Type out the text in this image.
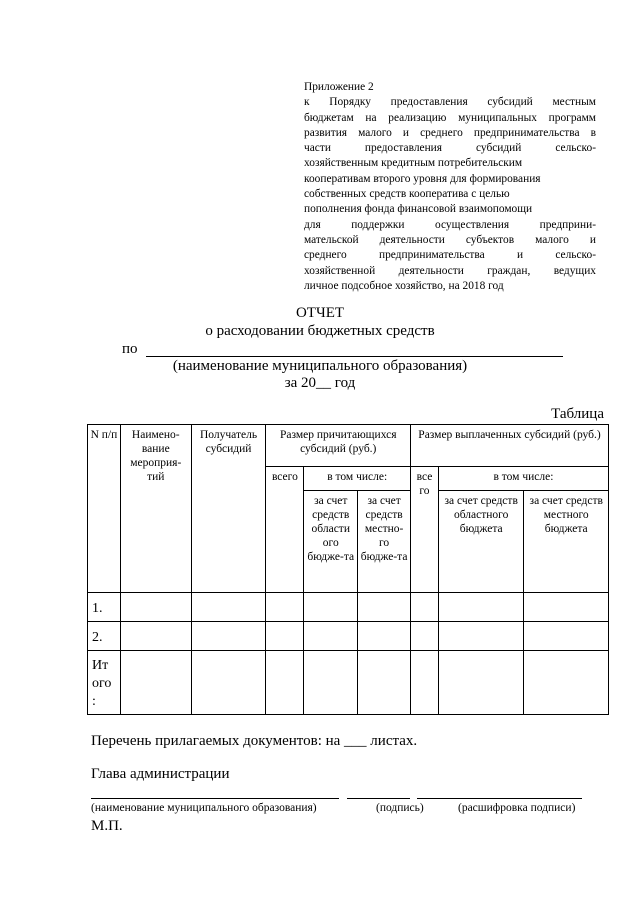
Приложение 2
к Порядку предоставления субсидий местным
бюджетам на реализацию муниципальных программ
развития малого и среднего предпринимательства в
части предоставления субсидий сельско-
хозяйственным кредитным потребительским
кооперативам второго уровня для формирования
собственных средств кооператива с целью
пополнения фонда финансовой взаимопомощи
для поддержки осуществления предприни-
мательской деятельности субъектов малого и
среднего предпринимательства и сельско-
хозяйственной деятельности граждан, ведущих
личное подсобное хозяйство, на 2018 год
ОТЧЕТ
о расходовании бюджетных средств
по
(наименование муниципального образования)
за 20__ год
Таблица
N п/п	Наимено-вание мероприя-тий	Получатель субсидий	Размер причитающихся субсидий (руб.)			Размер выплаченных субсидий (руб.)		
			всего	в том числе:		все го	в том числе:	
				за счет средств области ого бюдже-та	за счет средств местно-го бюдже-та		за счет средств областного бюджета	за счет средств местного бюджета
1.								
2.								
Ит ого :								
Перечень прилагаемых документов: на ___ листах.
Глава администрации
(наименование муниципального образования)	(подпись)	(расшифровка подписи)
М.П.
